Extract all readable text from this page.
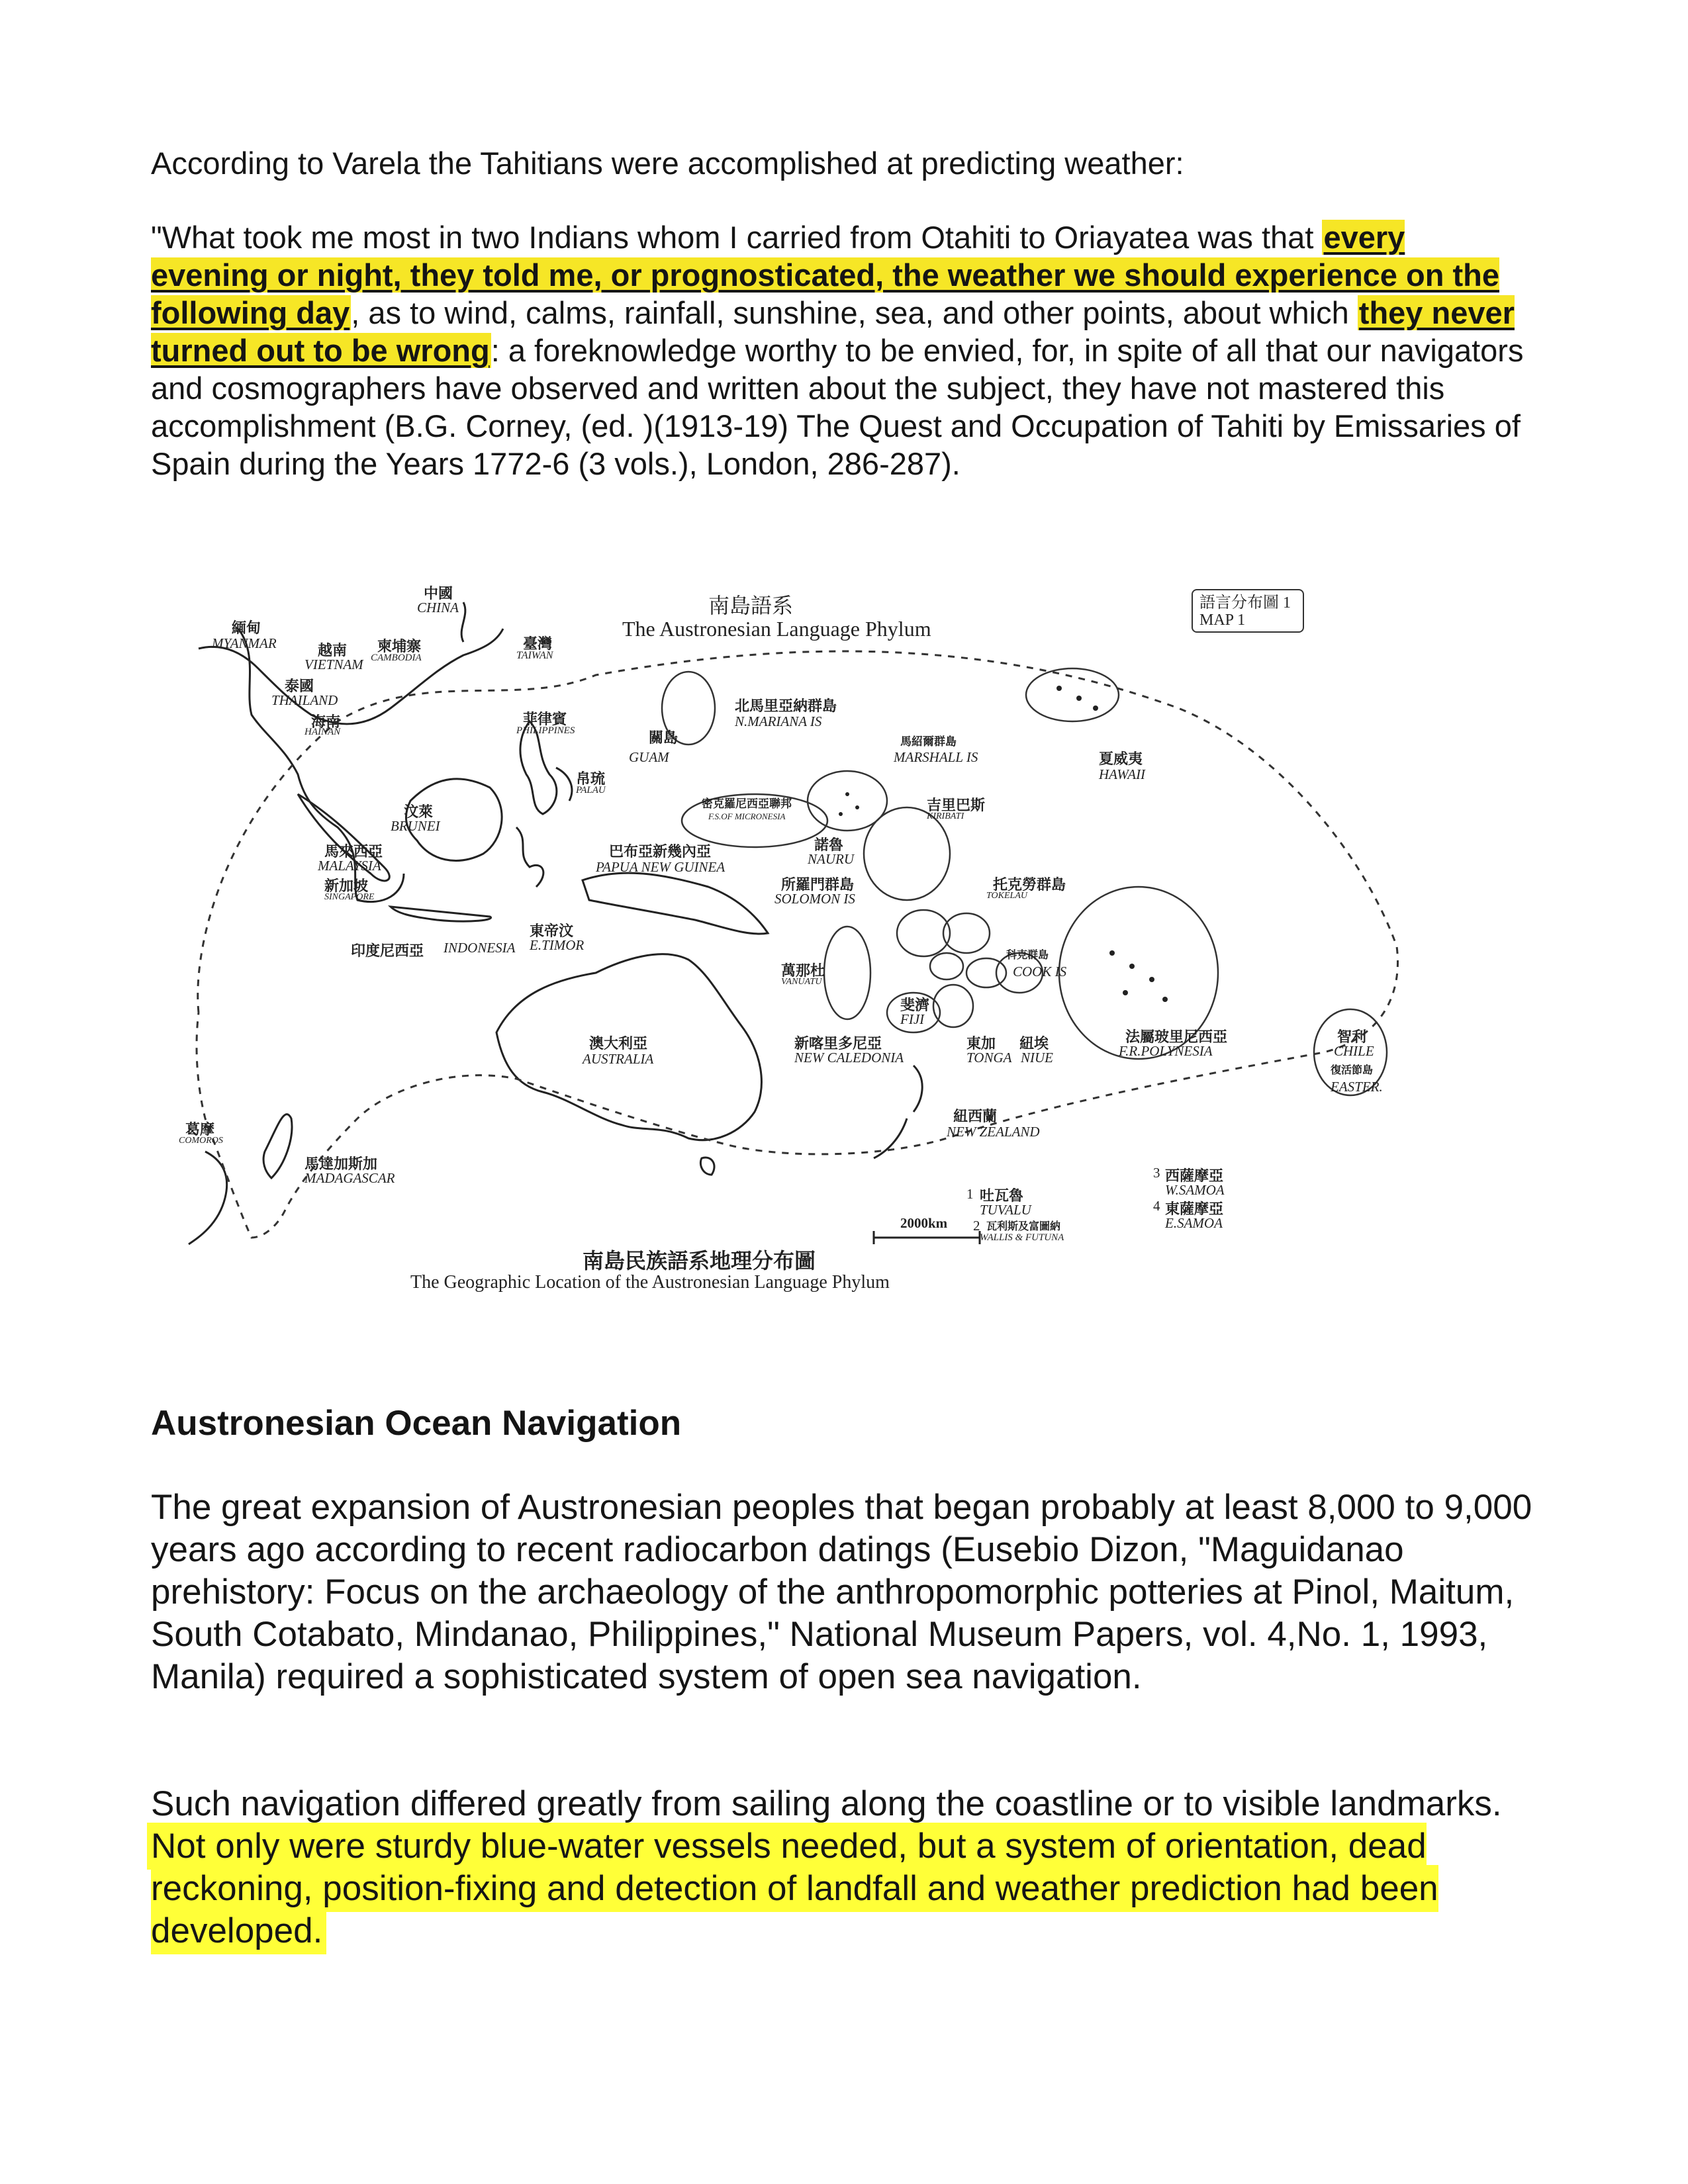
According to Varela the Tahitians were accomplished at predicting weather:

"What took me most in two Indians whom I carried from Otahiti to Oriayatea was that every evening or night, they told me, or prognosticated, the weather we should experience on the following day, as to wind, calms, rainfall, sunshine, sea, and other points, about which they never turned out to be wrong: a foreknowledge worthy to be envied, for, in spite of all that our navigators and cosmographers have observed and written about the subject, they have not mastered this accomplishment (B.G. Corney, (ed. )(1913-19) The Quest and Occupation of Tahiti by Emissaries of Spain during the Years 1772-6 (3 vols.), London, 286-287).

南島語系
The Austronesian Language Phylum
語言分布圖 1
MAP 1
中國
CHINA
緬甸
MYANMAR	越南
VIETNAM
柬埔寨
CAMBODIA
泰國
THAILAND
臺灣
TAIWAN
海南
HAINAN
菲律賓
PHILIPPINES	關島
GUAM
北馬里亞納群島
N.MARIANA IS
帛琉
PALAU
密克羅尼西亞聯邦
F.S.OF MICRONESIA
馬紹爾群島
MARSHALL IS
吉里巴斯
KIRIBATI
諾魯
NAURU
夏威夷
HAWAII
汶萊
BRUNEI
馬來西亞
MALAYSIA
新加坡
SINGAPORE
巴布亞新幾內亞
PAPUA NEW GUINEA
所羅門群島
SOLOMON IS
托克勞群島
TOKELAU
印度尼西亞 INDONESIA
東帝汶
E.TIMOR
萬那杜
VANUATU
科克群島
COOK IS
斐濟
FIJI
東加
TONGA
紐埃
NIUE
新喀里多尼亞
NEW CALEDONIA
法屬玻里尼西亞
F.R.POLYNESIA
智利
CHILE
復活節島
EASTER.
澳大利亞
AUSTRALIA
紐西蘭
NEW ZEALAND
葛摩
COMOROS
馬達加斯加
MADAGASCAR
吐瓦魯
TUVALU
1
瓦利斯及富圖納
WALLIS & FUTUNA
2
西薩摩亞
W.SAMOA
3
東薩摩亞
E.SAMOA
4
2000km
南島民族語系地理分布圖
The Geographic Location of the Austronesian Language Phylum
Austronesian Ocean Navigation

The great expansion of Austronesian peoples that began probably at least 8,000 to 9,000 years ago according to recent radiocarbon datings (Eusebio Dizon, "Maguidanao prehistory: Focus on the archaeology of the anthropomorphic potteries at Pinol, Maitum, South Cotabato, Mindanao, Philippines," National Museum Papers, vol. 4,No. 1, 1993, Manila) required a sophisticated system of open sea navigation.

Such navigation differed greatly from sailing along the coastline or to visible landmarks. Not only were sturdy blue-water vessels needed, but a system of orientation, dead reckoning, position-fixing and detection of landfall and weather prediction had been developed.
